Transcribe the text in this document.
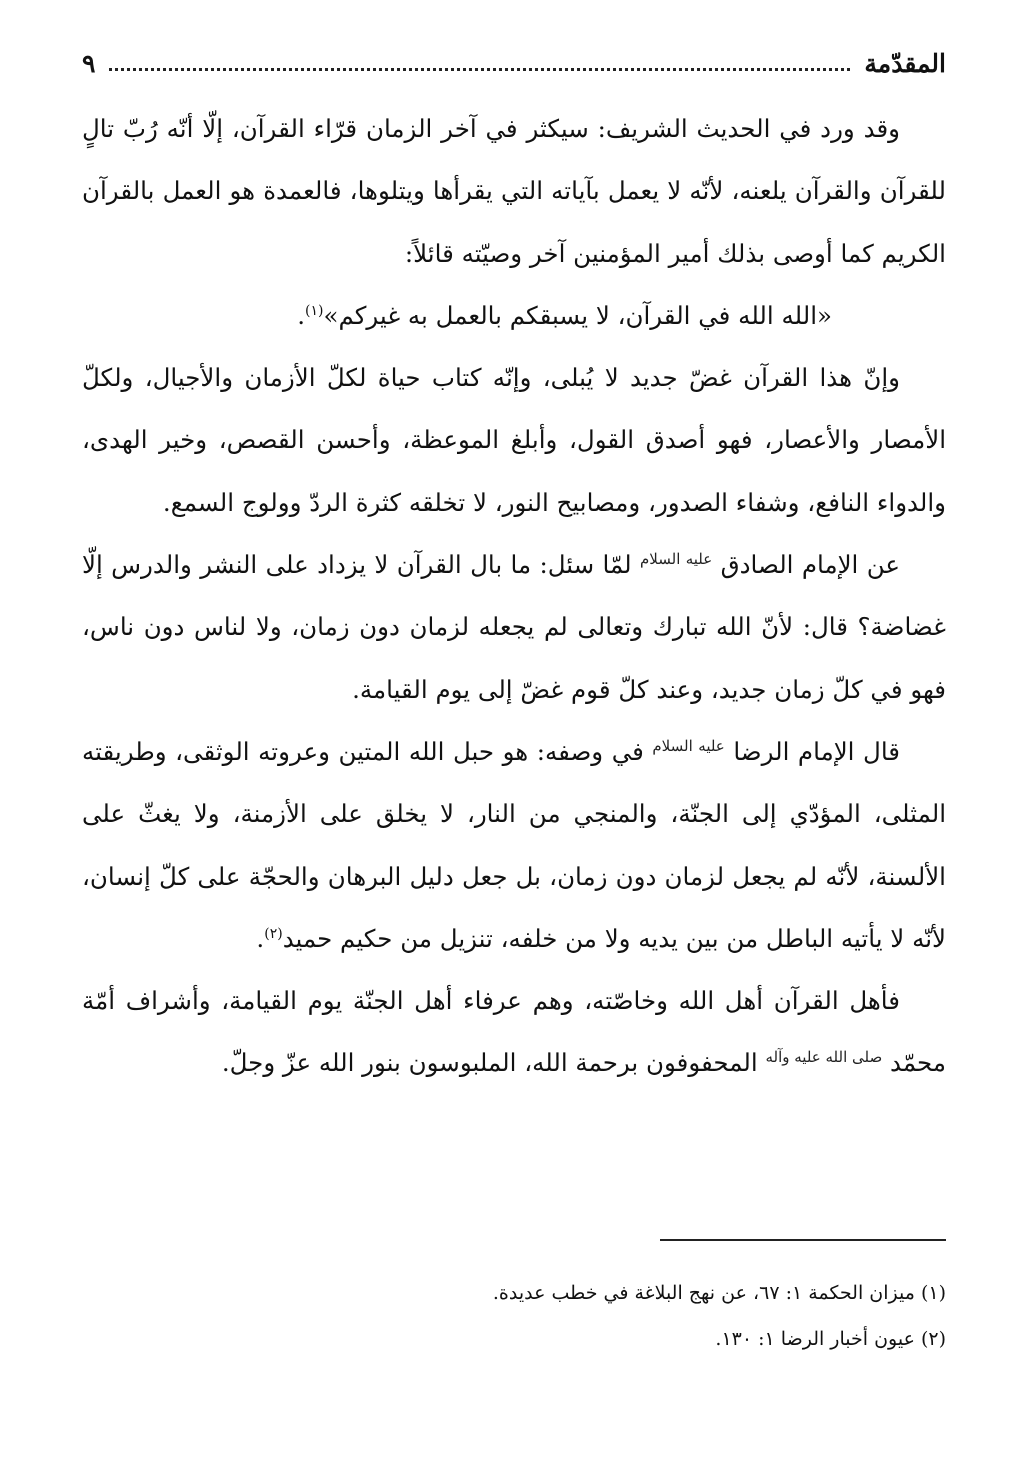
المقدّمة
٩

وقد ورد في الحديث الشريف: سيكثر في آخر الزمان قرّاء القرآن، إلّا أنّه رُبّ تالٍ للقرآن والقرآن يلعنه، لأنّه لا يعمل بآياته التي يقرأها ويتلوها، فالعمدة هو العمل بالقرآن الكريم كما أوصى بذلك أمير المؤمنين آخر وصيّته قائلاً:

«الله الله في القرآن، لا يسبقكم بالعمل به غيركم»$^{(١)}$.

وإنّ هذا القرآن غضّ جديد لا يُبلى، وإنّه كتاب حياة لكلّ الأزمان والأجيال، ولكلّ الأمصار والأعصار، فهو أصدق القول، وأبلغ الموعظة، وأحسن القصص، وخير الهدى، والدواء النافع، وشفاء الصدور، ومصابيح النور، لا تخلقه كثرة الردّ وولوج السمع.

عن الإمام الصادق $^{عليه السلام}$ لمّا سئل: ما بال القرآن لا يزداد على النشر والدرس إلّا غضاضة؟ قال: لأنّ الله تبارك وتعالى لم يجعله لزمان دون زمان، ولا لناس دون ناس، فهو في كلّ زمان جديد، وعند كلّ قوم غضّ إلى يوم القيامة.

قال الإمام الرضا $^{عليه السلام}$ في وصفه: هو حبل الله المتين وعروته الوثقى، وطريقته المثلى، المؤدّي إلى الجنّة، والمنجي من النار، لا يخلق على الأزمنة، ولا يغثّ على الألسنة، لأنّه لم يجعل لزمان دون زمان، بل جعل دليل البرهان والحجّة على كلّ إنسان، لأنّه لا يأتيه الباطل من بين يديه ولا من خلفه، تنزيل من حكيم حميد$^{(٢)}$.

فأهل القرآن أهل الله وخاصّته، وهم عرفاء أهل الجنّة يوم القيامة، وأشراف أمّة محمّد $^{صلى الله عليه وآله}$ المحفوفون برحمة الله، الملبوسون بنور الله عزّ وجلّ.

(١) ميزان الحكمة ١: ٦٧، عن نهج البلاغة في خطب عديدة.

(٢) عيون أخبار الرضا ١: ١٣٠.
